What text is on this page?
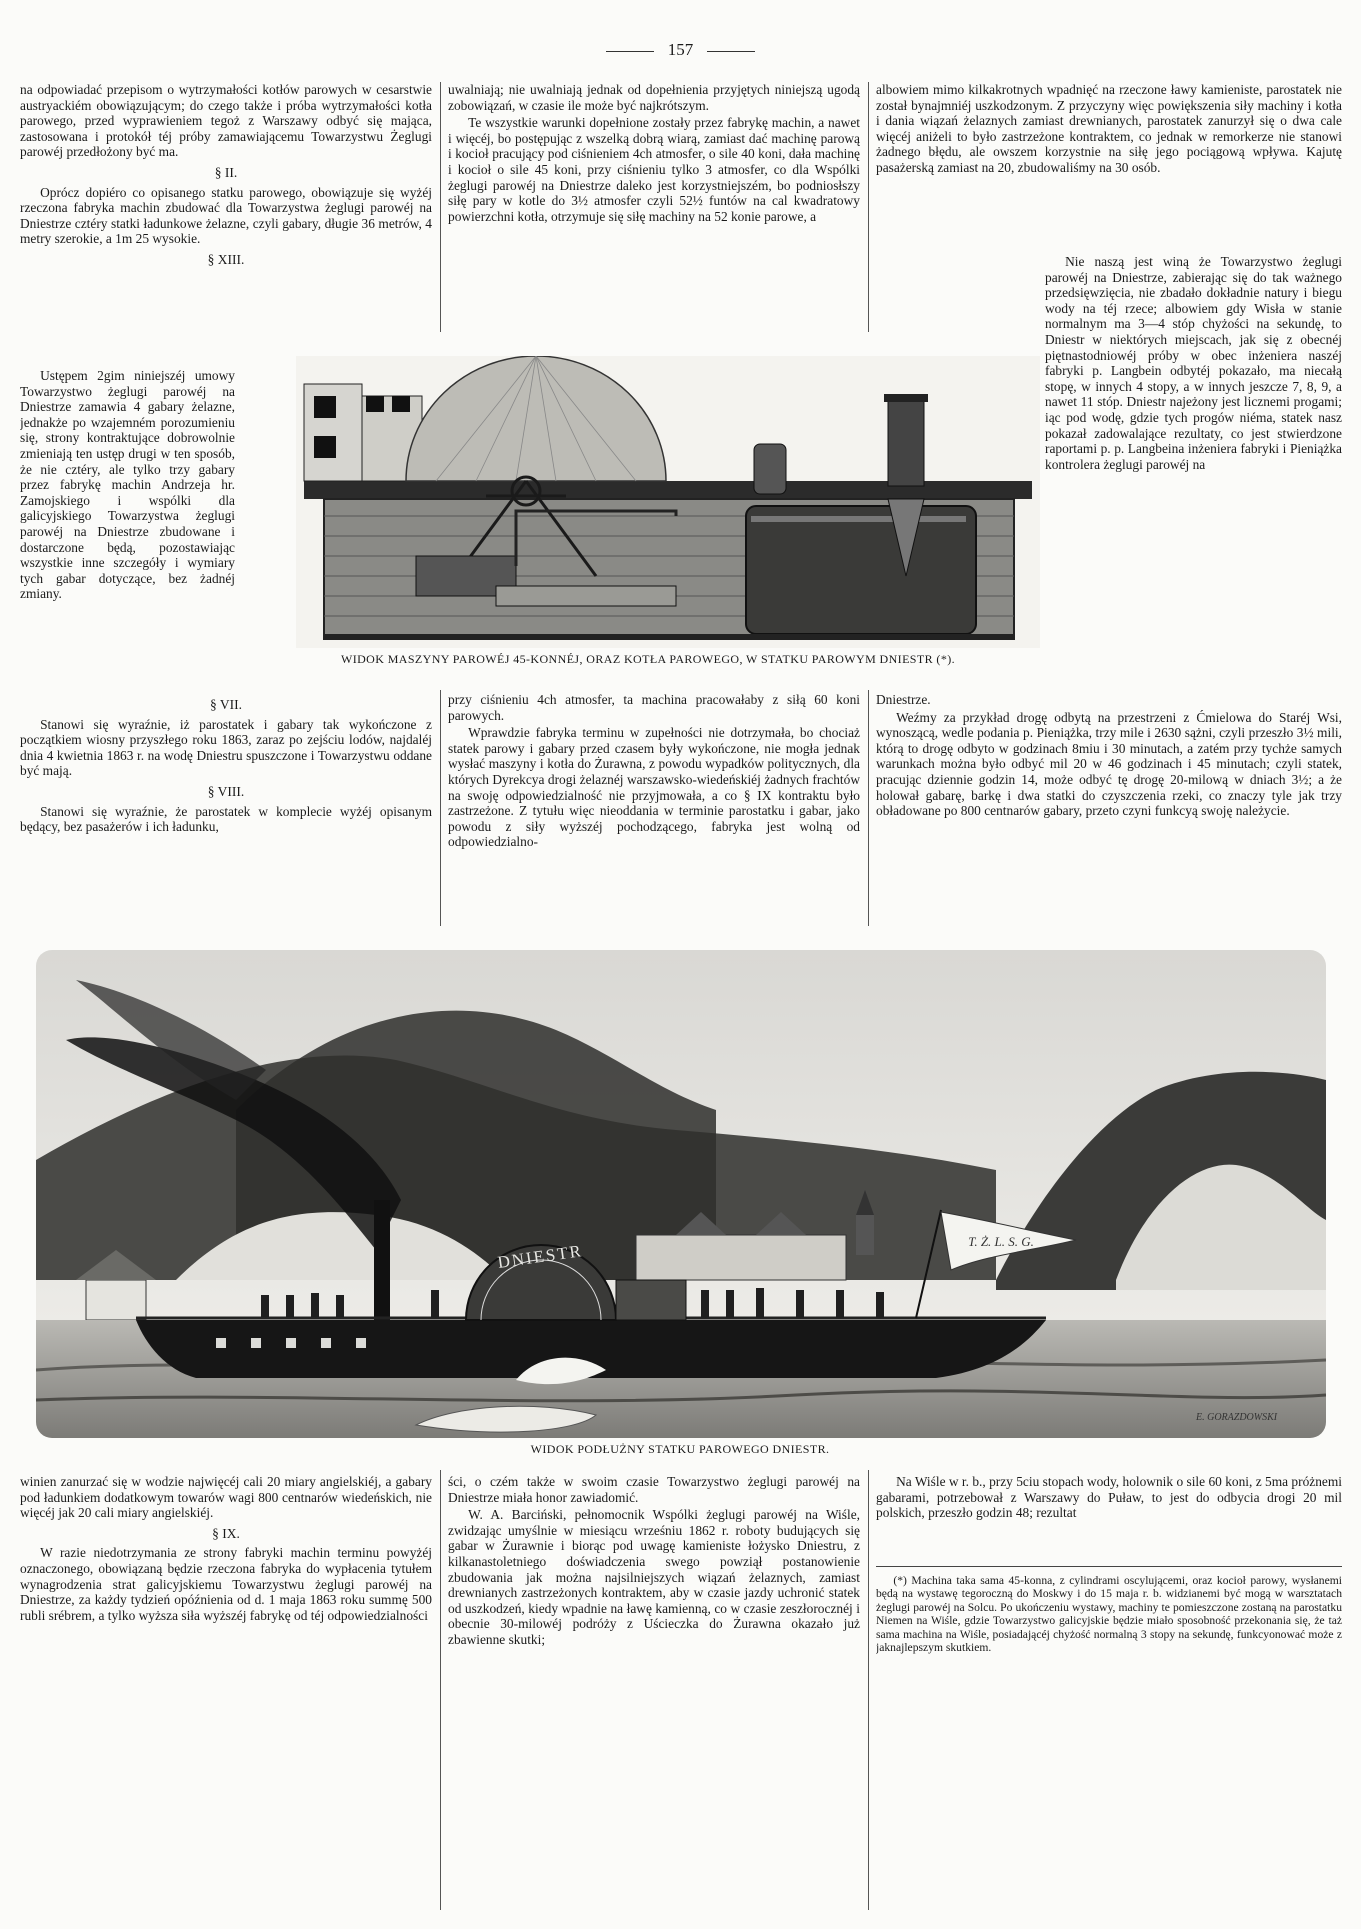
157

na odpowiadać przepisom o wytrzymałości kotłów parowych w cesarstwie austryackiém obowiązującym; do czego także i próba wytrzymałości kotła parowego, przed wyprawieniem tegoż z Warszawy odbyć się mająca, zastosowana i protokół téj próby zamawiającemu Towarzystwu Żeglugi parowéj przedłożony być ma.

§ II.

Oprócz dopiéro co opisanego statku parowego, obowiązuje się wyżéj rzeczona fabryka machin zbudować dla Towarzystwa żeglugi parowéj na Dniestrze cztéry statki ładunkowe żelazne, czyli gabary, długie 36 metrów, 4 metry szerokie, a 1m 25 wysokie.

§ XIII.

Ustępem 2gim niniejszéj umowy Towarzystwo żeglugi parowéj na Dniestrze zamawia 4 gabary żelazne, jednakże po wzajemném porozumieniu się, strony kontraktujące dobrowolnie zmieniają ten ustęp drugi w ten sposób, że nie cztéry, ale tylko trzy gabary przez fabrykę machin Andrzeja hr. Zamojskiego i wspólki dla galicyjskiego Towarzystwa żeglugi parowéj na Dniestrze zbudowane i dostarczone będą, pozostawiając wszystkie inne szczegóły i wymiary tych gabar dotyczące, bez żadnéj zmiany.

§ VII.

Stanowi się wyraźnie, iż parostatek i gabary tak wykończone z początkiem wiosny przyszłego roku 1863, zaraz po zejściu lodów, najdaléj dnia 4 kwietnia 1863 r. na wodę Dniestru spuszczone i Towarzystwu oddane być mają.

§ VIII.

Stanowi się wyraźnie, że parostatek w komplecie wyżéj opisanym będący, bez pasażerów i ich ładunku,

uwalniają; nie uwalniają jednak od dopełnienia przyjętych niniejszą ugodą zobowiązań, w czasie ile może być najkrótszym.

Te wszystkie warunki dopełnione zostały przez fabrykę machin, a nawet i więcéj, bo postępując z wszelką dobrą wiarą, zamiast dać machinę parową i kocioł pracujący pod ciśnieniem 4ch atmosfer, o sile 40 koni, dała machinę i kocioł o sile 45 koni, przy ciśnieniu tylko 3 atmosfer, co dla Wspólki żeglugi parowéj na Dniestrze daleko jest korzystniejszém, bo podniosłszy siłę pary w kotle do 3½ atmosfer czyli 52½ funtów na cal kwadratowy powierzchni kotła, otrzymuje się siłę machiny na 52 konie parowe, a

albowiem mimo kilkakrotnych wpadnięć na rzeczone ławy kamieniste, parostatek nie został bynajmniéj uszkodzonym. Z przyczyny więc powiększenia siły machiny i kotła i dania wiązań żelaznych zamiast drewnianych, parostatek zanurzył się o dwa cale więcéj aniżeli to było zastrzeżone kontraktem, co jednak w remorkerze nie stanowi żadnego błędu, ale owszem korzystnie na siłę jego pociągową wpływa. Kajutę pasażerską zamiast na 20, zbudowaliśmy na 30 osób.

Nie naszą jest winą że Towarzystwo żeglugi parowéj na Dniestrze, zabierając się do tak ważnego przedsięwzięcia, nie zbadało dokładnie natury i biegu wody na téj rzece; albowiem gdy Wisła w stanie normalnym ma 3—4 stóp chyżości na sekundę, to Dniestr w niektórych miejscach, jak się z obecnéj piętnastodniowéj próby w obec inżeniera naszéj fabryki p. Langbein odbytéj pokazało, ma niecałą stopę, w innych 4 stopy, a w innych jeszcze 7, 8, 9, a nawet 11 stóp. Dniestr najeżony jest licznemi progami; iąc pod wodę, gdzie tych progów niéma, statek nasz pokazał zadowalające rezultaty, co jest stwierdzone raportami p. p. Langbeina inżeniera fabryki i Pieniążka kontrolera żeglugi parowéj na

WIDOK MASZYNY PAROWÉJ 45-KONNÉJ, ORAZ KOTŁA PAROWEGO, W STATKU PAROWYM DNIESTR (*).

przy ciśnieniu 4ch atmosfer, ta machina pracowałaby z siłą 60 koni parowych.

Wprawdzie fabryka terminu w zupełności nie dotrzymała, bo chociaż statek parowy i gabary przed czasem były wykończone, nie mogła jednak wysłać maszyny i kotła do Żurawna, z powodu wypadków politycznych, dla których Dyrekcya drogi żelaznéj warszawsko-wiedeńskiéj żadnych frachtów na swoję odpowiedzialność nie przyjmowała, a co § IX kontraktu było zastrzeżone. Z tytułu więc nieoddania w terminie parostatku i gabar, jako powodu z siły wyższéj pochodzącego, fabryka jest wolną od odpowiedzialno-

Dniestrze.

Weźmy za przykład drogę odbytą na przestrzeni z Ćmielowa do Staréj Wsi, wynoszącą, wedle podania p. Pieniążka, trzy mile i 2630 sążni, czyli przeszło 3½ mili, którą to drogę odbyto w godzinach 8miu i 30 minutach, a zatém przy tychże samych warunkach można było odbyć mil 20 w 46 godzinach i 45 minutach; czyli statek, pracując dziennie godzin 14, może odbyć tę drogę 20-milową w dniach 3½; a że holował gabarę, barkę i dwa statki do czyszczenia rzeki, co znaczy tyle jak trzy obładowane po 800 centnarów gabary, przeto czyni funkcyą swoję należycie.

DNIESTR	T. Ż. L. S. G.
E. GORAZDOWSKI
WIDOK PODŁUŻNY STATKU PAROWEGO DNIESTR.

winien zanurzać się w wodzie najwięcéj cali 20 miary angielskiéj, a gabary pod ładunkiem dodatkowym towarów wagi 800 centnarów wiedeńskich, nie więcéj jak 20 cali miary angielskiéj.

§ IX.

W razie niedotrzymania ze strony fabryki machin terminu powyżéj oznaczonego, obowiązaną będzie rzeczona fabryka do wypłacenia tytułem wynagrodzenia strat galicyjskiemu Towarzystwu żeglugi parowéj na Dniestrze, za każdy tydzień opóźnienia od d. 1 maja 1863 roku summę 500 rubli srébrem, a tylko wyższa siła wyższéj fabrykę od téj odpowiedzialności

ści, o czém także w swoim czasie Towarzystwo żeglugi parowéj na Dniestrze miała honor zawiadomić.

W. A. Barciński, pełnomocnik Wspólki żeglugi parowéj na Wiśle, zwidzając umyślnie w miesiącu wrześniu 1862 r. roboty budujących się gabar w Żurawnie i biorąc pod uwagę kamieniste łożysko Dniestru, z kilkanastoletniego doświadczenia swego powziął postanowienie zbudowania jak można najsilniejszych wiązań żelaznych, zamiast drewnianych zastrzeżonych kontraktem, aby w czasie jazdy uchronić statek od uszkodzeń, kiedy wpadnie na ławę kamienną, co w czasie zeszłorocznéj i obecnie 30-milowéj podróży z Uścieczka do Żurawna okazało już zbawienne skutki;

Na Wiśle w r. b., przy 5ciu stopach wody, holownik o sile 60 koni, z 5ma próżnemi gabarami, potrzebował z Warszawy do Puław, to jest do odbycia drogi 20 mil polskich, przeszło godzin 48; rezultat

(*) Machina taka sama 45-konna, z cylindrami oscylującemi, oraz kocioł parowy, wysłanemi będą na wystawę tegoroczną do Moskwy i do 15 maja r. b. widzianemi być mogą w warsztatach żeglugi parowéj na Solcu. Po ukończeniu wystawy, machiny te pomieszczone zostaną na parostatku Niemen na Wiśle, gdzie Towarzystwo galicyjskie będzie miało sposobność przekonania się, że taż sama machina na Wiśle, posiadającéj chyżość normalną 3 stopy na sekundę, funkcyonować może z jaknajlepszym skutkiem.
